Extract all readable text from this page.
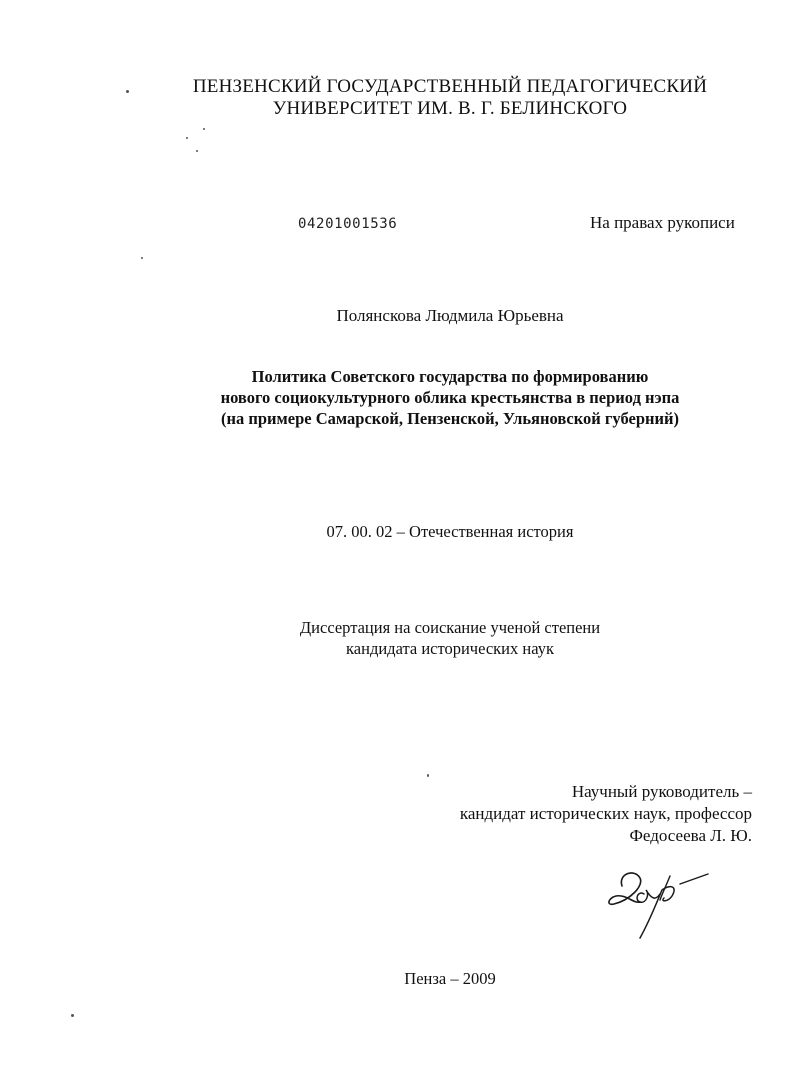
ПЕНЗЕНСКИЙ ГОСУДАРСТВЕННЫЙ ПЕДАГОГИЧЕСКИЙ
УНИВЕРСИТЕТ ИМ. В. Г. БЕЛИНСКОГО
04201001536	На правах рукописи
Полянскова Людмила Юрьевна
Политика Советского государства по формированию
нового социокультурного облика крестьянства в период нэпа
(на примере Самарской, Пензенской, Ульяновской губерний)
07. 00. 02 – Отечественная история
Диссертация на соискание ученой степени
кандидата исторических наук
Научный руководитель –
кандидат исторических наук, профессор
Федосеева Л. Ю.
Пенза – 2009
